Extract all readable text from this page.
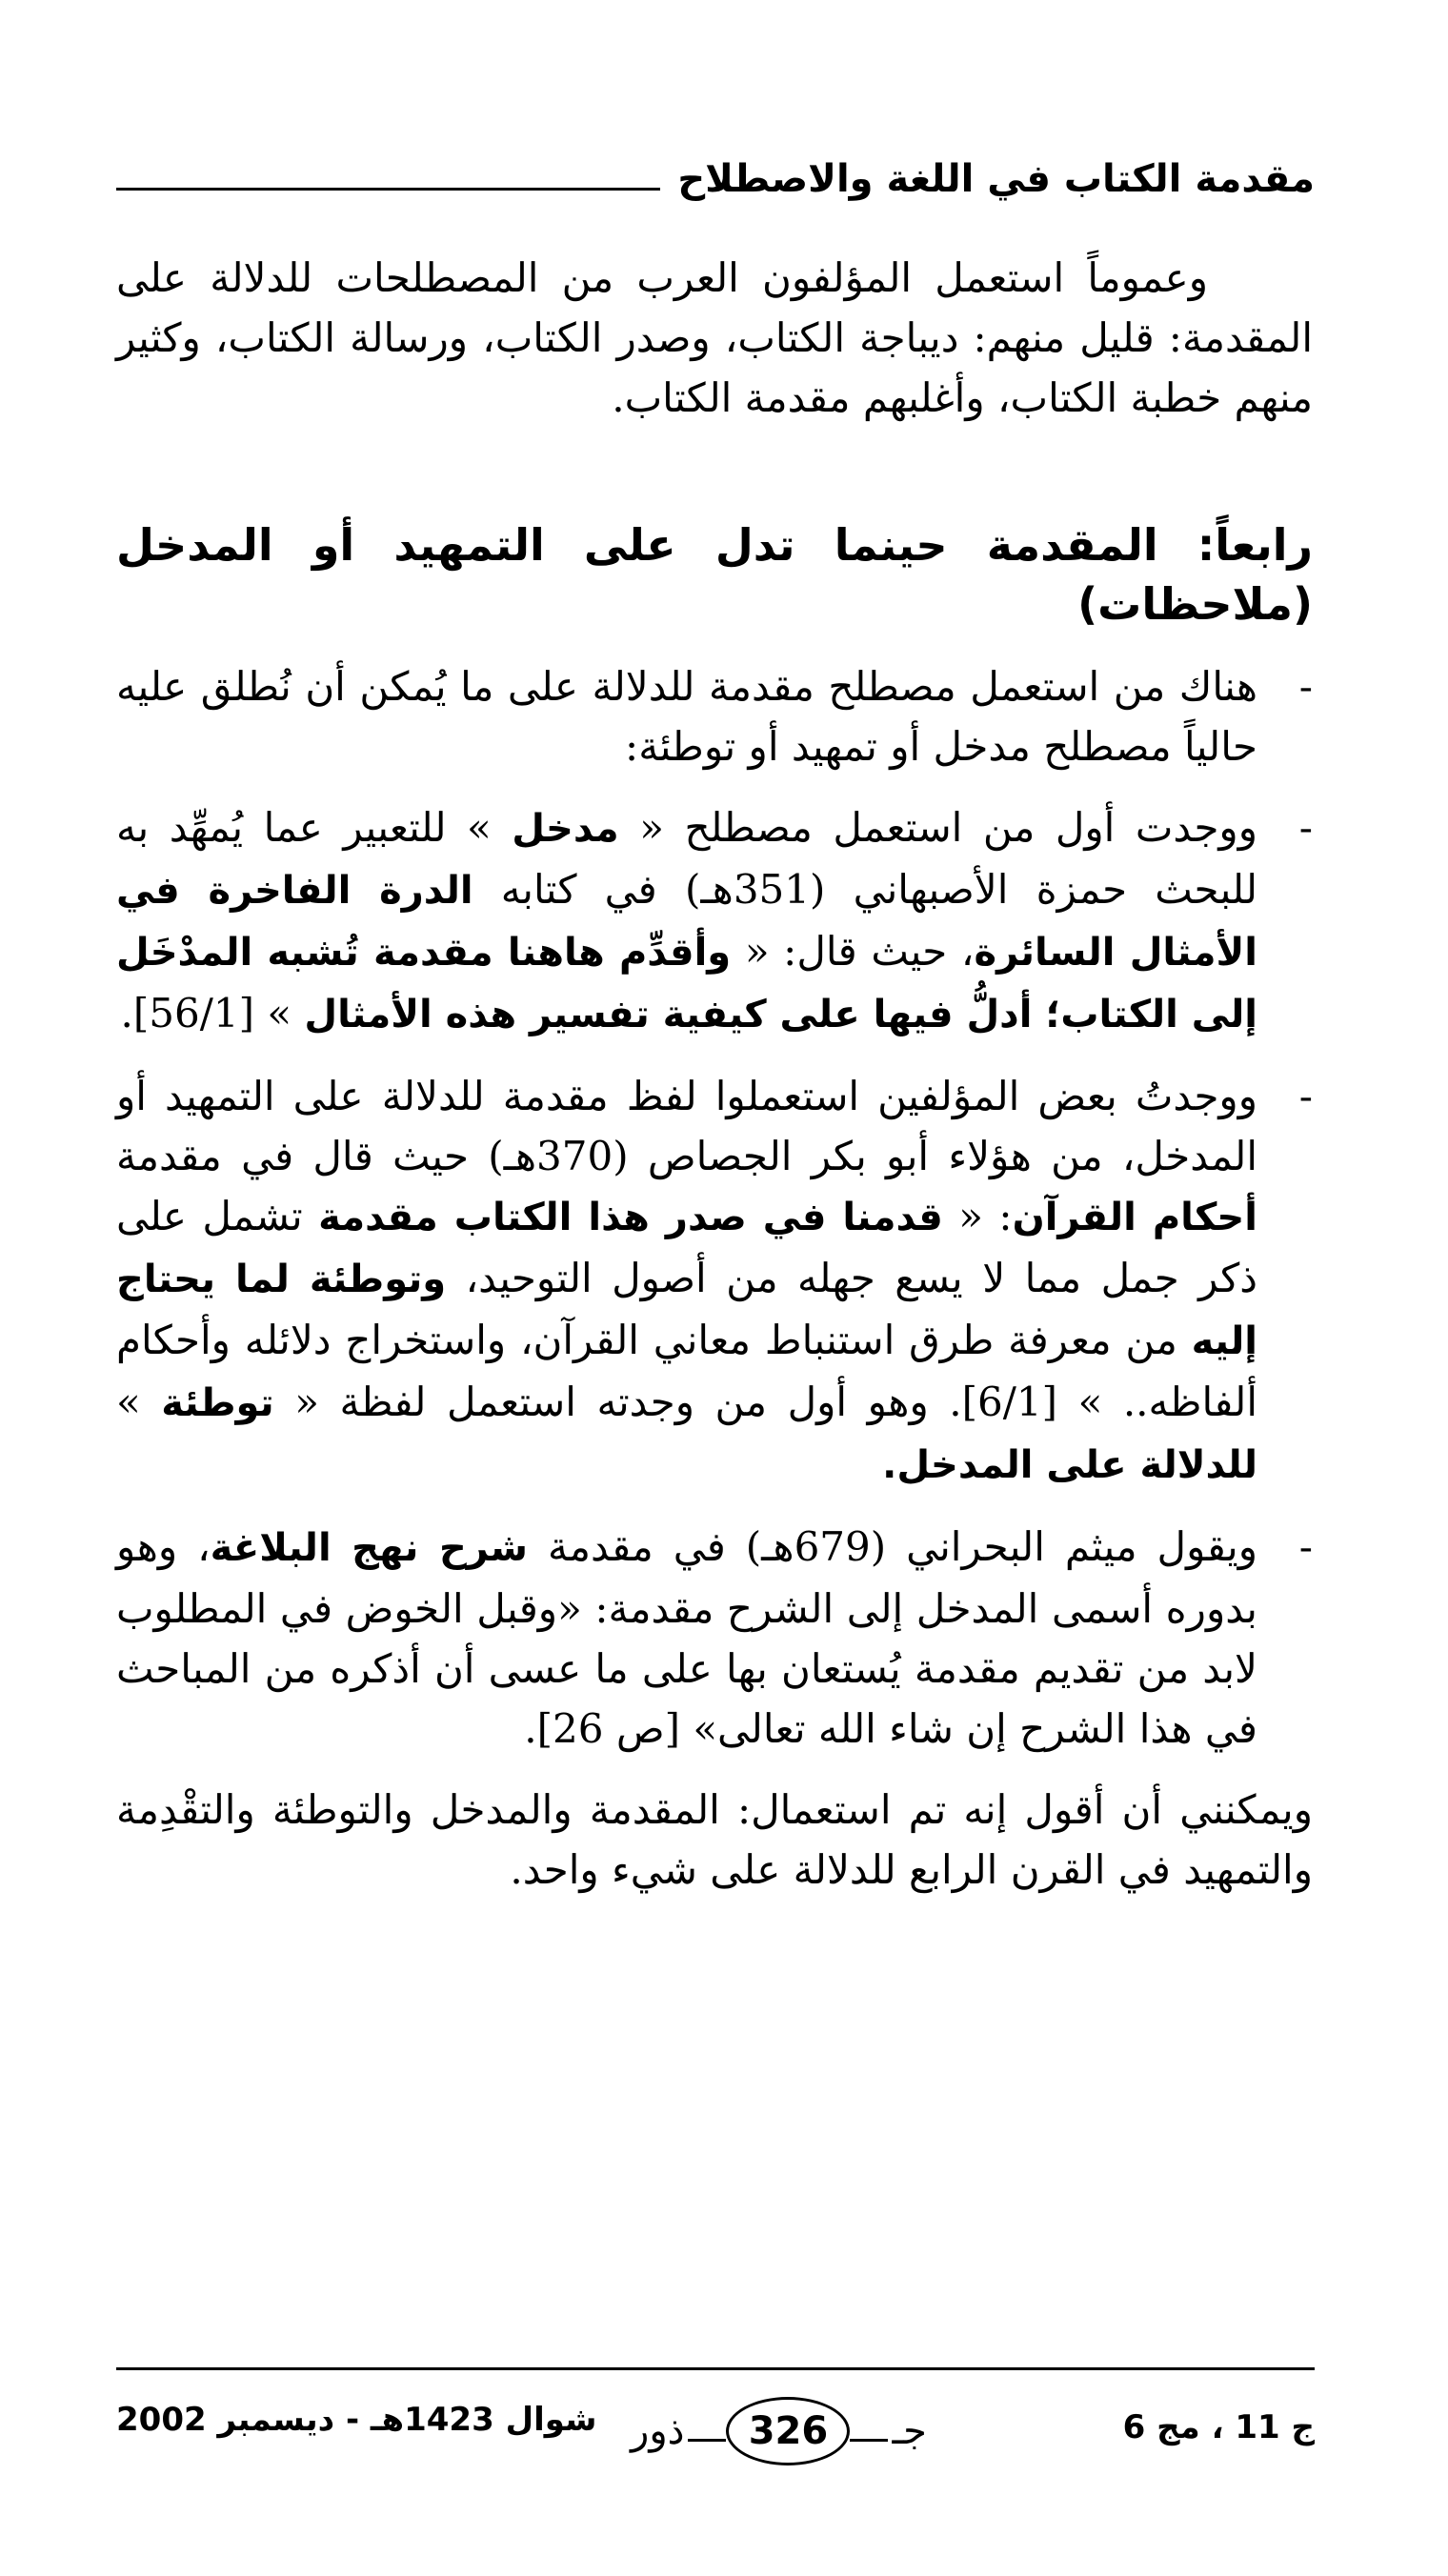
مقدمة الكتاب في اللغة والاصطلاح

وعموماً استعمل المؤلفون العرب من المصطلحات للدلالة على المقدمة: قليل منهم: ديباجة الكتاب، وصدر الكتاب، ورسالة الكتاب، وكثير منهم خطبة الكتاب، وأغلبهم مقدمة الكتاب.

رابعاً: المقدمة حينما تدل على التمهيد أو المدخل (ملاحظات)
-
هناك من استعمل مصطلح مقدمة للدلالة على ما يُمكن أن نُطلق عليه حالياً مصطلح مدخل أو تمهيد أو توطئة:
-
ووجدت أول من استعمل مصطلح « مدخل » للتعبير عما يُمهِّد به للبحث حمزة الأصبهاني (351هـ) في كتابه الدرة الفاخرة في الأمثال السائرة، حيث قال: « وأقدِّم هاهنا مقدمة تُشبه المدْخَل إلى الكتاب؛ أدلُّ فيها على كيفية تفسير هذه الأمثال » [56/1].
-
ووجدتُ بعض المؤلفين استعملوا لفظ مقدمة للدلالة على التمهيد أو المدخل، من هؤلاء أبو بكر الجصاص (370هـ) حيث قال في مقدمة أحكام القرآن: « قدمنا في صدر هذا الكتاب مقدمة تشمل على ذكر جمل مما لا يسع جهله من أصول التوحيد، وتوطئة لما يحتاج إليه من معرفة طرق استنباط معاني القرآن، واستخراج دلائله وأحكام ألفاظه.. » [6/1]. وهو أول من وجدته استعمل لفظة « توطئة » للدلالة على المدخل.
-
ويقول ميثم البحراني (679هـ) في مقدمة شرح نهج البلاغة، وهو بدوره أسمى المدخل إلى الشرح مقدمة: «وقبل الخوض في المطلوب لابد من تقديم مقدمة يُستعان بها على ما عسى أن أذكره من المباحث في هذا الشرح إن شاء الله تعالى» [ص 26].

ويمكنني أن أقول إنه تم استعمال: المقدمة والمدخل والتوطئة والتقْدِمة والتمهيد في القرن الرابع للدلالة على شيء واحد.

ج 11 ، مج 6
جـ
326
ذور
شوال 1423هـ - ديسمبر 2002
